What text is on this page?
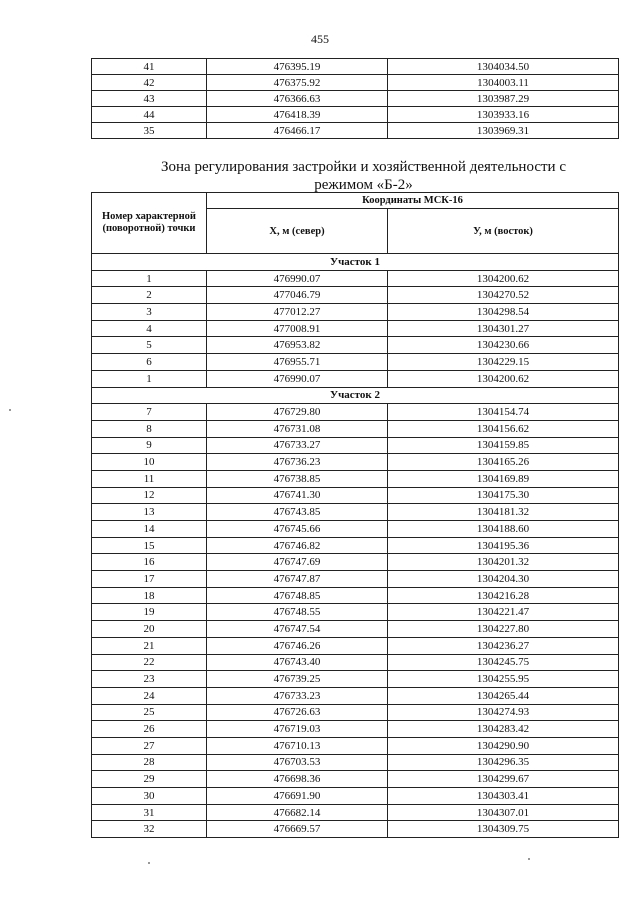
455
41	476395.19	1304034.50
42	476375.92	1304003.11
43	476366.63	1303987.29
44	476418.39	1303933.16
35	476466.17	1303969.31
Зона регулирования застройки и хозяйственной деятельности с
режимом «Б-2»
Номер характерной (поворотной) точки	Координаты МСК-16	
	Х, м (север)	У, м (восток)
Участок 1		
1	476990.07	1304200.62
2	477046.79	1304270.52
3	477012.27	1304298.54
4	477008.91	1304301.27
5	476953.82	1304230.66
6	476955.71	1304229.15
1	476990.07	1304200.62
Участок 2		
7	476729.80	1304154.74
8	476731.08	1304156.62
9	476733.27	1304159.85
10	476736.23	1304165.26
11	476738.85	1304169.89
12	476741.30	1304175.30
13	476743.85	1304181.32
14	476745.66	1304188.60
15	476746.82	1304195.36
16	476747.69	1304201.32
17	476747.87	1304204.30
18	476748.85	1304216.28
19	476748.55	1304221.47
20	476747.54	1304227.80
21	476746.26	1304236.27
22	476743.40	1304245.75
23	476739.25	1304255.95
24	476733.23	1304265.44
25	476726.63	1304274.93
26	476719.03	1304283.42
27	476710.13	1304290.90
28	476703.53	1304296.35
29	476698.36	1304299.67
30	476691.90	1304303.41
31	476682.14	1304307.01
32	476669.57	1304309.75
